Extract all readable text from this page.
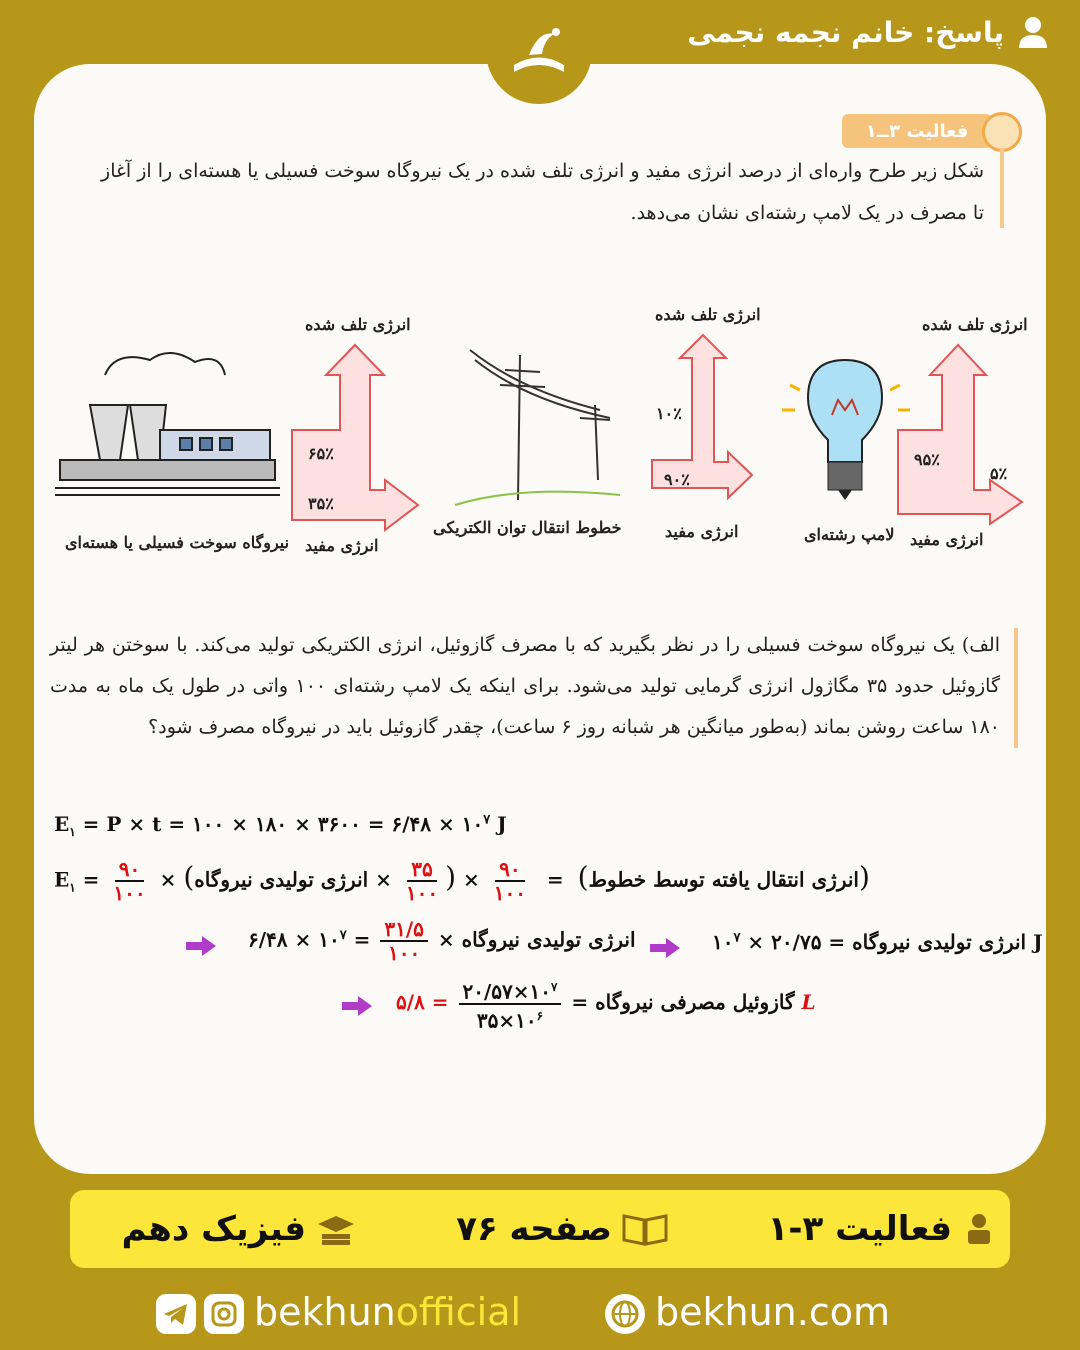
پاسخ: خانم نجمه نجمی
فعالیت ۳ــ۱
شکل زیر طرح واره‌ای از درصد انرژی مفید و انرژی تلف شده در یک نیروگاه سوخت فسیلی یا هسته‌ای را از آغاز تا مصرف در یک لامپ رشته‌ای نشان می‌دهد.
انرژی تلف شده
انرژی تلف شده
انرژی تلف شده
۶۵٪
۳۵٪
۱۰٪
۹۰٪
۹۵٪
۵٪
انرژی مفید
انرژی مفید	انرژی مفید
نیروگاه سوخت فسیلی یا هسته‌ای
خطوط انتقال توان الکتریکی	لامپ رشته‌ای
الف) یک نیروگاه سوخت فسیلی را در نظر بگیرید که با مصرف گازوئیل، انرژی الکتریکی تولید می‌کند. با سوختن هر لیتر گازوئیل حدود ۳۵ مگاژول انرژی گرمایی تولید می‌شود. برای اینکه یک لامپ رشته‌ای ۱۰۰ واتی در طول یک ماه به مدت ۱۸۰ ساعت روشن بماند (به‌طور میانگین هر شبانه روز ۶ ساعت)، چقدر گازوئیل باید در نیروگاه مصرف شود؟
$E_۱ = P \times t$ = ۱۰۰ × ۱۸۰ × ۳۶۰۰ = ۶/۴۸ × $۱۰^۷$ J
$E_۱ = \frac{۹۰}{۱۰۰}$ × (	انرژی انتقال یافته توسط خطوط)  =
$\frac{۹۰}{۱۰۰}$
× (
$\frac{۳۵}{۱۰۰}$
× انرژی تولیدی نیروگاه	)
۶/۴۸ × $۱۰^۷ = \frac{۳۱/۵}{۱۰۰}$ × انرژی تولیدی نیروگاه	انرژی تولیدی نیروگاه = ۲۰/۷۵ × $۱۰^۷$	J
گازوئیل مصرفی نیروگاه =
$\frac{۲۰/۵۷\times ۱۰^۷}{۳۵\times ۱۰^۶}$
= ۵/۸	L
فعالیت ۳-۱
صفحه ۷۶
فیزیک دهم
bekhunofficial	bekhun.com
